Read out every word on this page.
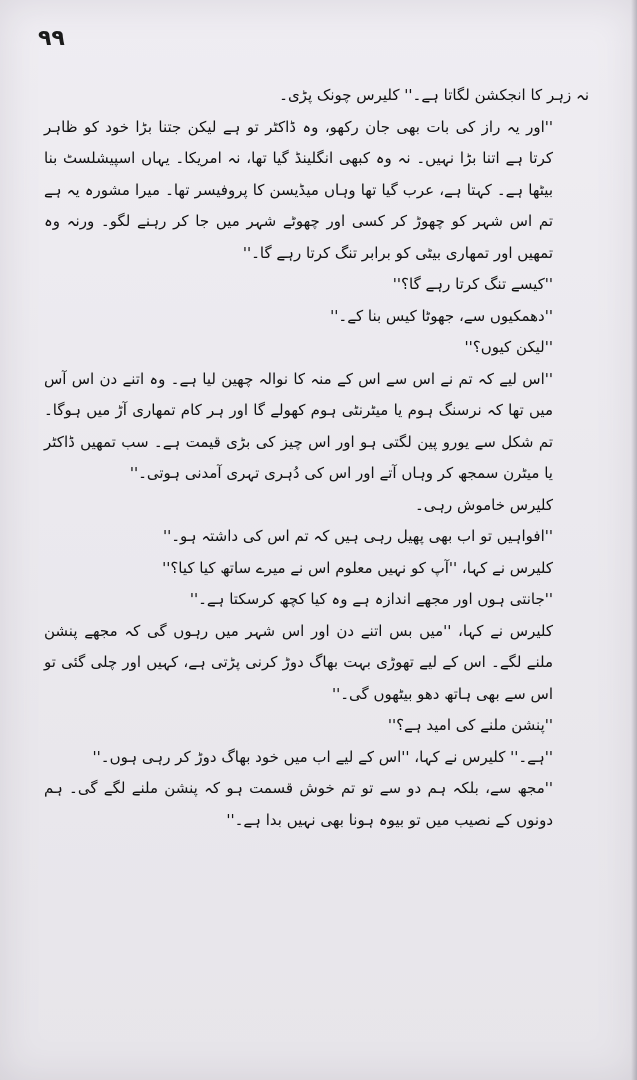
۹۹

نہ زہر کا انجکشن لگاتا ہے۔'' کلیرس چونک پڑی۔

''اور یہ راز کی بات بھی جان رکھو، وہ ڈاکٹر تو ہے لیکن جتنا بڑا خود کو ظاہر کرتا ہے اتنا بڑا نہیں۔ نہ وہ کبھی انگلینڈ گیا تھا، نہ امریکا۔ یہاں اسپیشلسٹ بنا بیٹھا ہے۔ کہتا ہے، عرب گیا تھا وہاں میڈیسن کا پروفیسر تھا۔ میرا مشورہ یہ ہے تم اس شہر کو چھوڑ کر کسی اور چھوٹے شہر میں جا کر رہنے لگو۔ ورنہ وہ تمھیں اور تمھاری بیٹی کو برابر تنگ کرتا رہے گا۔''

''کیسے تنگ کرتا رہے گا؟''

''دھمکیوں سے، جھوٹا کیس بنا کے۔''

''لیکن کیوں؟''

''اس لیے کہ تم نے اس سے اس کے منہ کا نوالہ چھین لیا ہے۔ وہ اتنے دن اس آس میں تھا کہ نرسنگ ہوم یا میٹرنٹی ہوم کھولے گا اور ہر کام تمھاری آڑ میں ہوگا۔ تم شکل سے یورو پین لگتی ہو اور اس چیز کی بڑی قیمت ہے۔ سب تمھیں ڈاکٹر یا میٹرن سمجھ کر وہاں آتے اور اس کی دُہری تہری آمدنی ہوتی۔''

کلیرس خاموش رہی۔

''افواہیں تو اب بھی پھیل رہی ہیں کہ تم اس کی داشتہ ہو۔''

کلیرس نے کہا، ''آپ کو نہیں معلوم اس نے میرے ساتھ کیا کیا؟''

''جانتی ہوں اور مجھے اندازہ ہے وہ کیا کچھ کرسکتا ہے۔''

کلیرس نے کہا، ''میں بس اتنے دن اور اس شہر میں رہوں گی کہ مجھے پنشن ملنے لگے۔ اس کے لیے تھوڑی بہت بھاگ دوڑ کرنی پڑتی ہے، کہیں اور چلی گئی تو اس سے بھی ہاتھ دھو بیٹھوں گی۔''

''پنشن ملنے کی امید ہے؟''

''ہے۔'' کلیرس نے کہا، ''اس کے لیے اب میں خود بھاگ دوڑ کر رہی ہوں۔''

''مجھ سے، بلکہ ہم دو سے تو تم خوش قسمت ہو کہ پنشن ملنے لگے گی۔ ہم دونوں کے نصیب میں تو بیوہ ہونا بھی نہیں بدا ہے۔''
